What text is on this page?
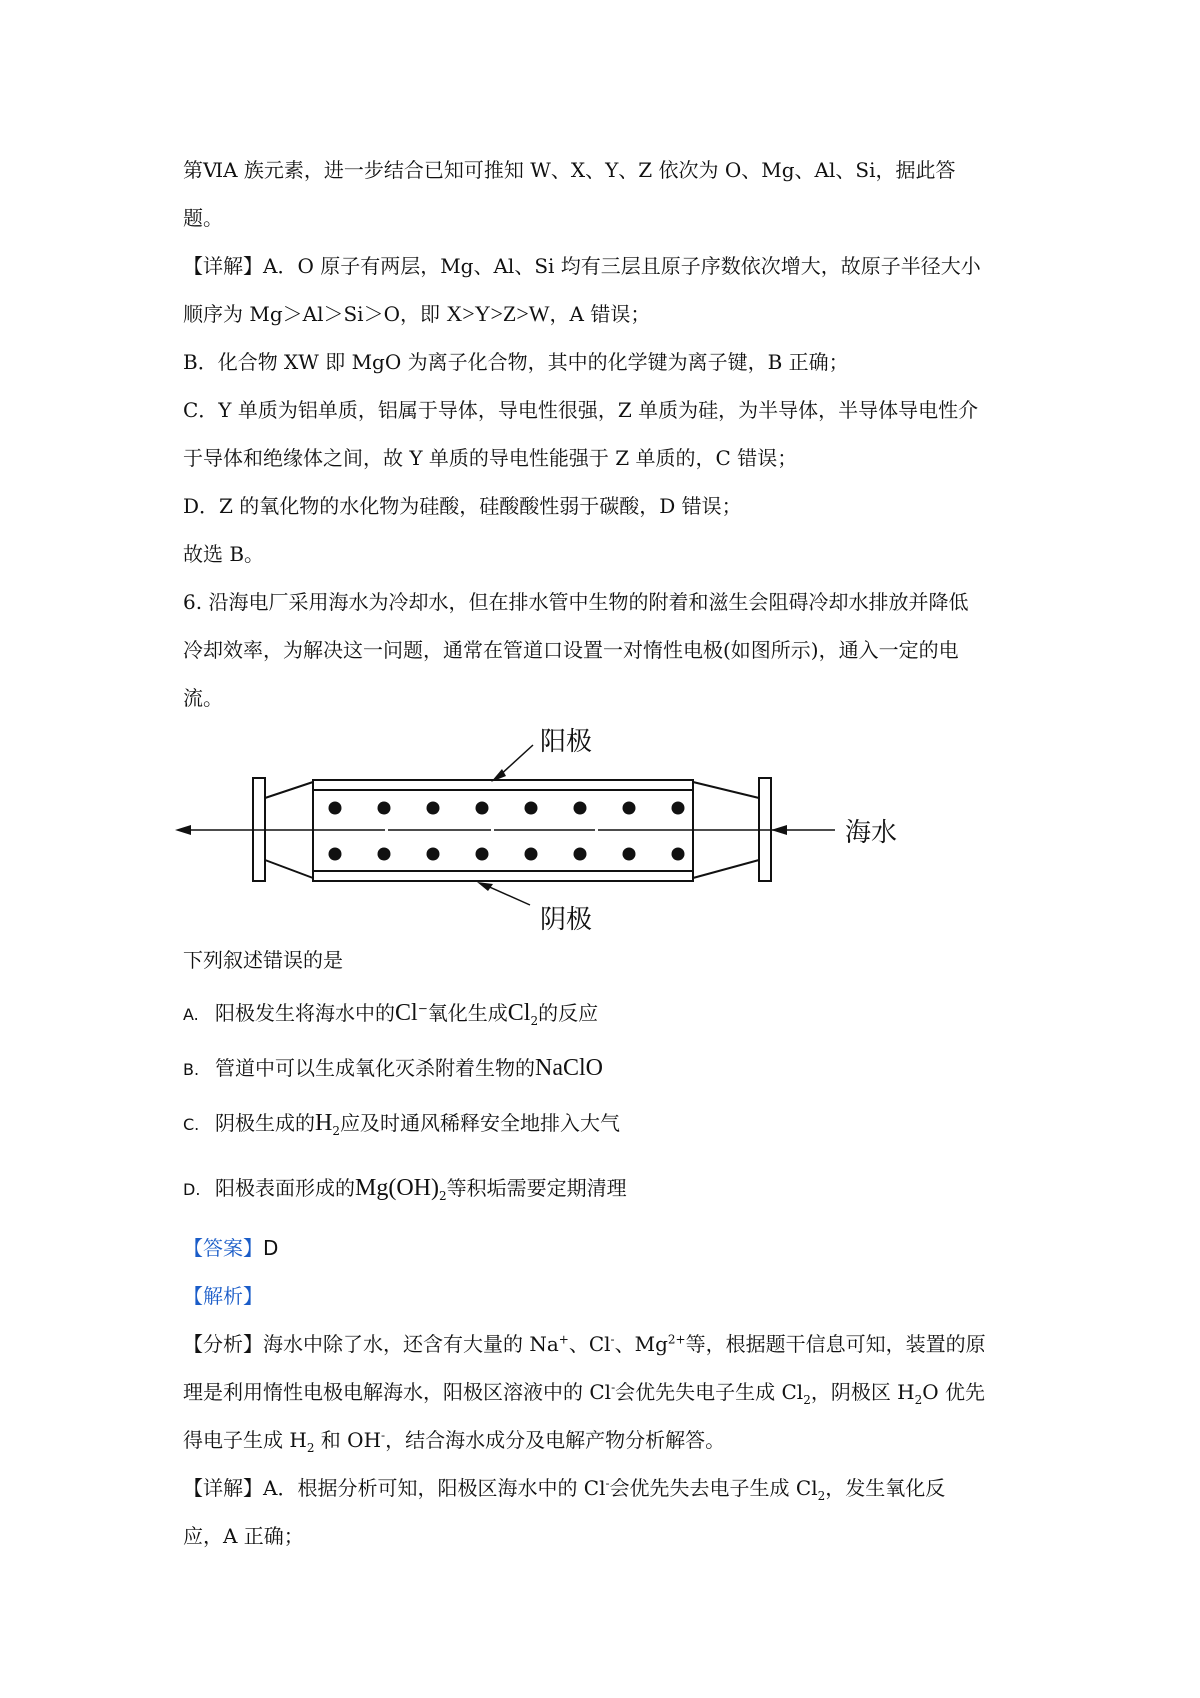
第ⅥA 族元素，进一步结合已知可推知 W、X、Y、Z 依次为 O、Mg、Al、Si，据此答
题。
【详解】A．O 原子有两层，Mg、Al、Si 均有三层且原子序数依次增大，故原子半径大小
顺序为 Mg＞Al＞Si＞O，即 X>Y>Z>W，A 错误；
B．化合物 XW 即 MgO 为离子化合物，其中的化学键为离子键，B 正确；
C．Y 单质为铝单质，铝属于导体，导电性很强，Z 单质为硅，为半导体，半导体导电性介
于导体和绝缘体之间，故 Y 单质的导电性能强于 Z 单质的，C 错误；
D．Z 的氧化物的水化物为硅酸，硅酸酸性弱于碳酸，D 错误；
故选 B。
6. 沿海电厂采用海水为冷却水，但在排水管中生物的附着和滋生会阻碍冷却水排放并降低
冷却效率，为解决这一问题，通常在管道口设置一对惰性电极(如图所示)，通入一定的电
流。
阳极
阴极
海水
下列叙述错误的是
A. 阳极发生将海水中的Cl−氧化生成$Cl_2$的反应
B. 管道中可以生成氧化灭杀附着生物的NaClO
C. 阴极生成的$H_2$应及时通风稀释安全地排入大气
D. 阳极表面形成的$Mg(OH)_2$等积垢需要定期清理
【答案】D
【解析】
【分析】海水中除了水，还含有大量的 Na+、Cl-、$Mg^{2+}$等，根据题干信息可知，装置的原
理是利用惰性电极电解海水，阳极区溶液中的 Cl-会优先失电子生成 $Cl_2$，阴极区 $H_2O$ 优先
得电子生成 $H_2$ 和 OH-，结合海水成分及电解产物分析解答。
【详解】A．根据分析可知，阳极区海水中的 Cl-会优先失去电子生成 $Cl_2$，发生氧化反
应，A 正确；
